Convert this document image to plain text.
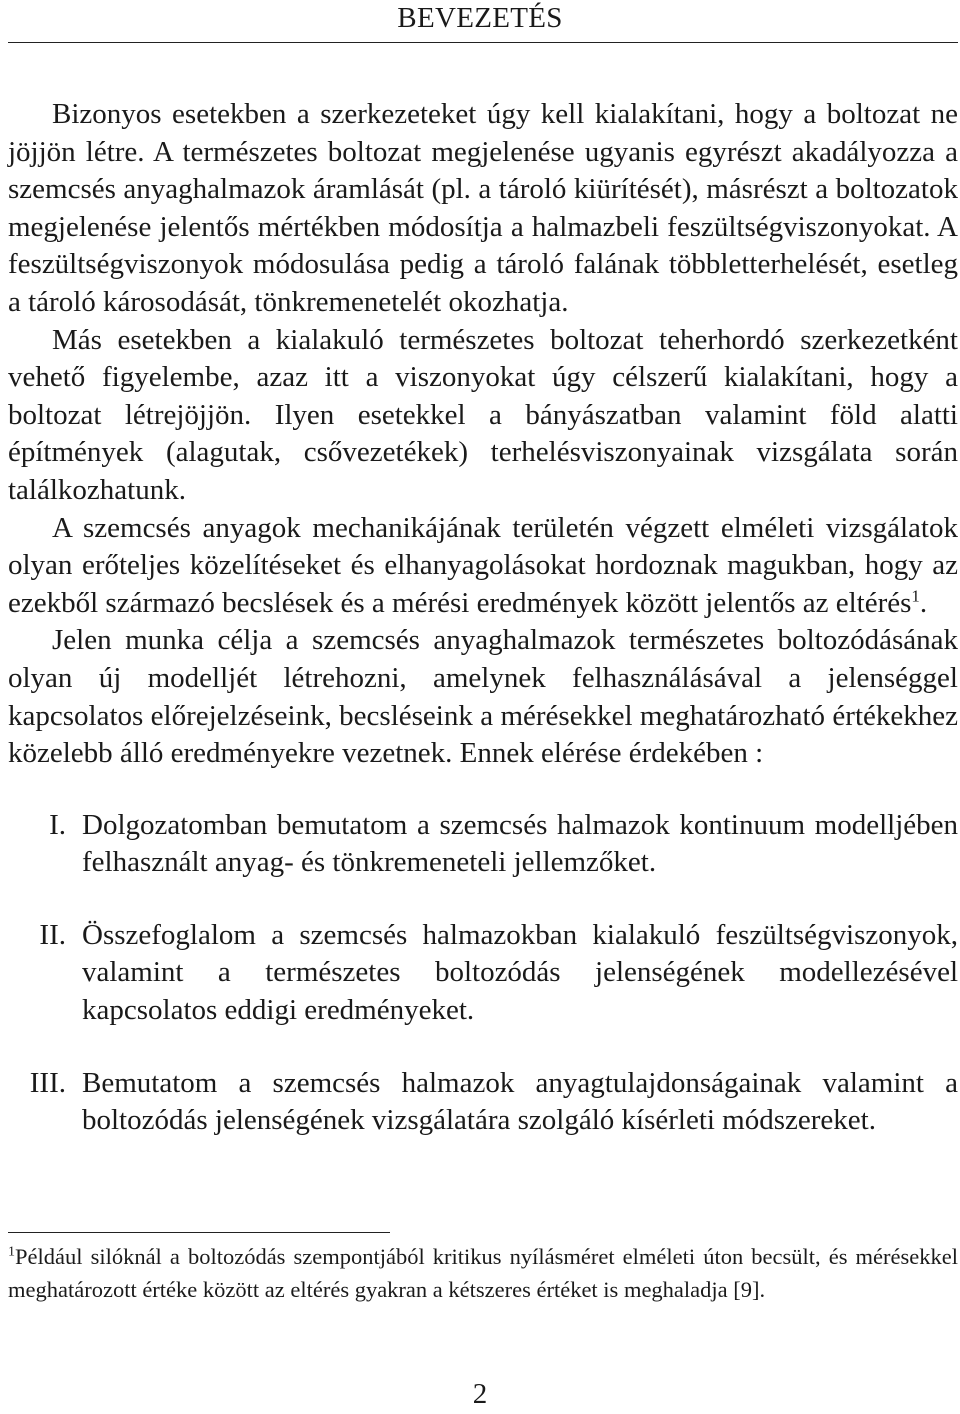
BEVEZETÉS

Bizonyos esetekben a szerkezeteket úgy kell kialakítani, hogy a boltozat ne jöjjön létre. A természetes boltozat megjelenése ugyanis egyrészt akadályozza a szemcsés anyaghalmazok áramlását (pl. a tároló kiürítését), másrészt a boltozatok megjelenése jelentős mértékben módosítja a halmazbeli feszültségviszonyokat. A feszültségviszonyok módosulása pedig a tároló falának többletterhelését, esetleg a tároló károsodását, tönkremenetelét okozhatja.

Más esetekben a kialakuló természetes boltozat teherhordó szerkezetként vehető figyelembe, azaz itt a viszonyokat úgy célszerű kialakítani, hogy a boltozat létrejöjjön. Ilyen esetekkel a bányászatban valamint föld alatti építmények (alagutak, csővezetékek) terhelésviszonyainak vizsgálata során találkozhatunk.

A szemcsés anyagok mechanikájának területén végzett elméleti vizsgálatok olyan erőteljes közelítéseket és elhanyagolásokat hordoznak magukban, hogy az ezekből származó becslések és a mérési eredmények között jelentős az eltérés$^1$.

Jelen munka célja a szemcsés anyaghalmazok természetes boltozódásának olyan új modelljét létrehozni, amelynek felhasználásával a jelenséggel kapcsolatos előrejelzéseink, becsléseink a mérésekkel meghatározható értékekhez közelebb álló eredményekre vezetnek. Ennek elérése érdekében :

I. Dolgozatomban bemutatom a szemcsés halmazok kontinuum modelljében felhasznált anyag- és tönkremeneteli jellemzőket.
II. Összefoglalom a szemcsés halmazokban kialakuló feszültségviszonyok, valamint a természetes boltozódás jelenségének modellezésével kapcsolatos eddigi eredményeket.
III. Bemutatom a szemcsés halmazok anyagtulajdonságainak valamint a boltozódás jelenségének vizsgálatára szolgáló kísérleti módszereket.
$^1$Például silóknál a boltozódás szempontjából kritikus nyílásméret elméleti úton becsült, és mérésekkel meghatározott értéke között az eltérés gyakran a kétszeres értéket is meghaladja [9].
2
